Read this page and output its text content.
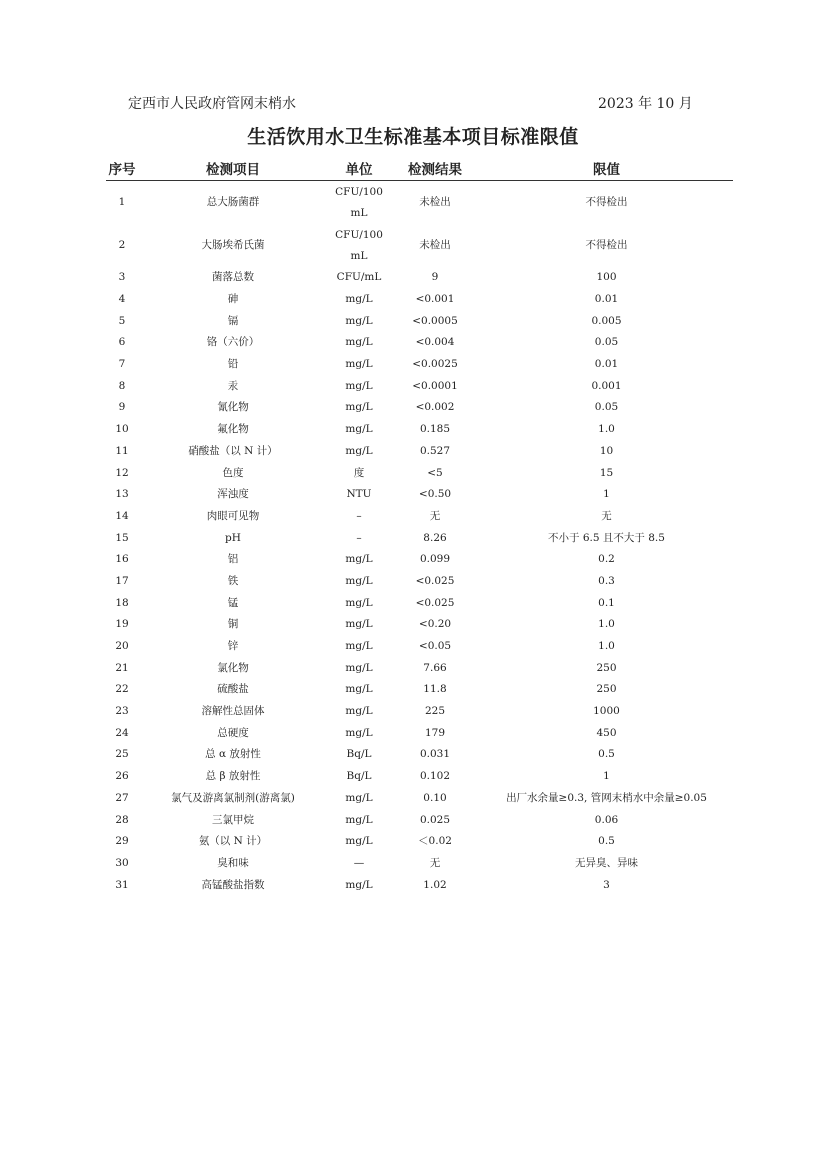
定西市人民政府管网末梢水	2023 年 10 月
生活饮用水卫生标准基本项目标准限值
序号	检测项目	单位	检测结果	限值
1	总大肠菌群	CFU/100mL	未检出	不得检出
2	大肠埃希氏菌	CFU/100mL	未检出	不得检出
3	菌落总数	CFU/mL	9	100
4	砷	mg/L	<0.001	0.01
5	镉	mg/L	<0.0005	0.005
6	铬（六价）	mg/L	<0.004	0.05
7	铅	mg/L	<0.0025	0.01
8	汞	mg/L	<0.0001	0.001
9	氰化物	mg/L	<0.002	0.05
10	氟化物	mg/L	0.185	1.0
11	硝酸盐（以 N 计）	mg/L	0.527	10
12	色度	度	<5	15
13	浑浊度	NTU	<0.50	1
14	肉眼可见物	–	无	无
15	pH	–	8.26	不小于 6.5 且不大于 8.5
16	铝	mg/L	0.099	0.2
17	铁	mg/L	<0.025	0.3
18	锰	mg/L	<0.025	0.1
19	铜	mg/L	<0.20	1.0
20	锌	mg/L	<0.05	1.0
21	氯化物	mg/L	7.66	250
22	硫酸盐	mg/L	11.8	250
23	溶解性总固体	mg/L	225	1000
24	总硬度	mg/L	179	450
25	总 α 放射性	Bq/L	0.031	0.5
26	总 β 放射性	Bq/L	0.102	1
27	氯气及游离氯制剂(游离氯)	mg/L	0.10	出厂水余量≥0.3, 管网末梢水中余量≥0.05
28	三氯甲烷	mg/L	0.025	0.06
29	氨（以 N 计）	mg/L	＜0.02	0.5
30	臭和味	—	无	无异臭、异味
31	高锰酸盐指数	mg/L	1.02	3
